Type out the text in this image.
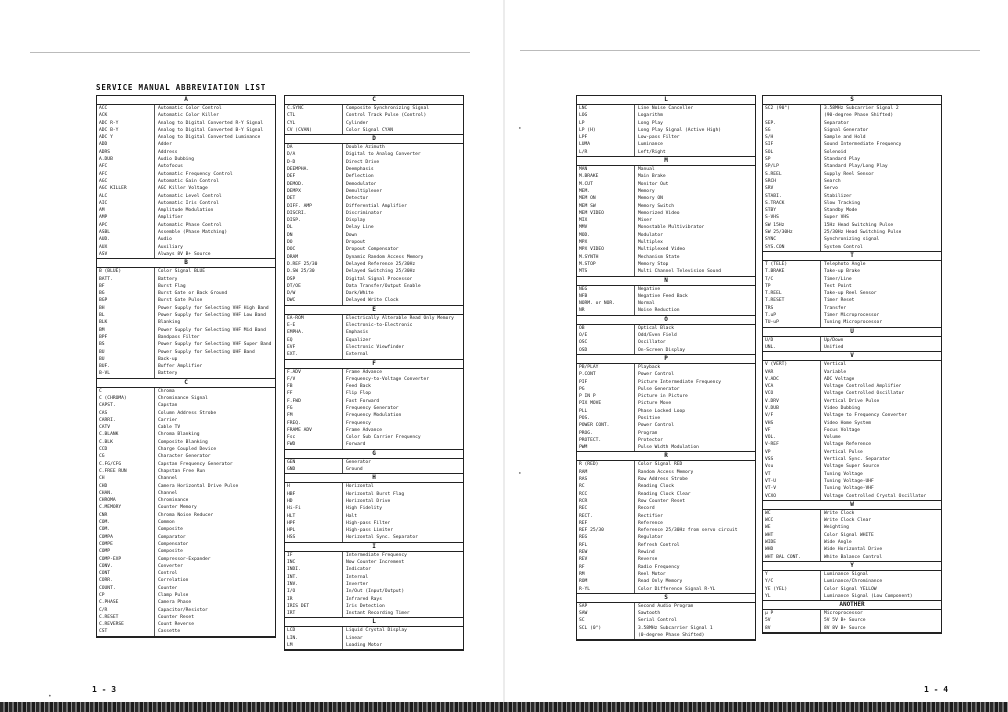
SERVICE MANUAL ABBREVIATION LIST
A
ACC	Automatic Color Control
ACK	Automatic Color Killer
ADC R-Y	Analog to Digital Converted R-Y Signal
ADC B-Y	Analog to Digital Converted B-Y Signal
ADC Y	Analog to Digital Converted Luminance
ADD	Adder
ADRS	Address
A.DUB	Audio Dubbing
AFC	Autofocus
AFC	Automatic Frequency Control
AGC	Automatic Gain Control
AGC KILLER	AGC Killer Voltage
ALC	Automatic Level Control
AIC	Automatic Iris Control
AM	Amplitude Modulation
AMP	Amplifier
APC	Automatic Phase Control
ASBL	Assemble (Phase Matching)
AUD.	Audio
AUX	Auxiliary
ASV	Always 8V B+ Source
B
B (BLUE)	Color Signal BLUE
BATT.	Battery
BF	Burst Flag
BG	Burst Gate or Back Ground
BGP	Burst Gate Pulse
BH	Power Supply for Selecting VHF High Band
BL	Power Supply for Selecting VHF Low Band
BLK	Blanking
BM	Power Supply for Selecting VHF Mid Band
BPF	Bandpass Filter
BS	Power Supply for Selecting VHF Super Band
BU	Power Supply for Selecting UHF Band
BU	Back-up
BUF.	Buffer Amplifier
B-VL	Battery
C
C	Chroma
C (CHROMA)	Chrominance Signal
CAPST.	Capstan
CAS	Column Address Strobe
CARRI.	Carrier
CATV	Cable TV
C.BLANK	Chroma Blanking
C.BLK	Composite Blanking
CCD	Charge Coupled Device
CG	Character Generator
C.FG/CFG	Capstan Frequency Generator
C.FREE RUN	Chapstan Free Run
CH	Channel
CHD	Camera Horizontal Drive Pulse
CHAN.	Channel
CHROMA	Chrominance
C.MEMORY	Counter Memory
CNR	Chroma Noise Reducer
COM.	Common
COM.	Composite
COMPA	Comparator
COMPE	Compensator
COMP	Composite
COMP-EXP	Compressor-Expander
CONV.	Converter
CONT	Control
CORR.	Correlation
COUNT.	Counter
CP	Clamp Pulse
C.PHASE	Camera Phase
C/R	Capacitor/Resistor
C.RESET	Counter Reset
C.REVERSE	Count Reverse
CST	Cassette
C
C.SYNC	Composite Synchronizing Signal
CTL	Control Track Pulse (Control)
CYL	Cylinder
CV (CVAN)	Color Signal CYAN
D
DA	Double Azimuth
D/A	Digital to Analog Converter
D-D	Direct Drive
DEEMPHA.	Deemphasis
DEF	Deflection
DEMOD.	Demodulator
DEMPX	Demultiplexer
DET	Detector
DIFF. AMP	Differential Amplifier
DISCRI.	Discriminator
DISP.	Display
DL	Delay Line
DN	Down
DO	Dropout
DOC	Dropout Compensator
DRAM	Dynamic Random Access Memory
D.REF 25/30	Delayed Reference 25/30Hz
D.SW 25/30	Delayed Switching 25/30Hz
DSP	Digital Signal Processor
DT/OE	Data Transfer/Output Enable
D/W	Dark/White
DWC	Delayed Write Clock
E
EA-ROM	Electrically Alterable Read Only Memory
E-E	Electronic-to-Electronic
EMPHA.	Emphasis
EQ	Equalizer
EVF	Electronic Viewfinder
EXT.	External
F
F.ADV	Frame Advance
F/V	Frequency-to-Voltage Converter
FB	Feed Back
FF	Flip Flop
F.FWD	Fast Forward
FG	Frequency Generator
FM	Frequency Modulation
FREQ.	Frequency
FRAME ADV	Frame Advance
Fsc	Color Sub Carrier Frequency
FWD	Forward
G
GEN	Generator
GND	Ground
H
H	Horizontal
HBF	Horizontal Burst Flag
HD	Horizontal Drive
Hi-Fi	High Fidelity
HLT	Halt
HPF	High-pass Filter
HPL	High-pass Limiter
HSS	Horizontal Sync. Separator
I
IF	Intermediate Frequency
INC	Now Counter Increment
INDI.	Indicator
INT.	Internal
INV.	Inverter
I/O	In/Out (Input/Output)
IR	Infrared Rays
IRIS DET	Iris Detection
IRT	Instant Recording Timer
L
LCD	Liquid Crystal Display
LIN.	Linear
LM	Loading Motor
1 - 3
•
L
LNC	Line Noise Canceller
LOG	Logarithm
LP	Long Play
LP (H)	Long Play Signal (Active High)
LPF	Low-pass Filter
LUMA	Luminance
L/R	Left/Right
M
MAN	Manual
M.BRAKE	Main Brake
M.CUT	Monitor Out
MEM.	Memory
MEM ON	Memory ON
MEM SW	Memory Switch
MEM VIDEO	Memorized Video
MIX	Mixer
MMV	Monostable Multivibrator
MOD.	Modulator
MPX	Multiplex
MPX VIDEO	Multiplexed Video
M.SYNTH	Mechanism State
M.STOP	Memory Stop
MTS	Multi Channel Television Sound
N
NEG	Negative
NFB	Negative Feed Back
NORM. or NOR.	Normal
NR	Noise Reduction
O
OB	Optical Black
O/E	Odd/Even Field
OSC	Oscillator
OSD	On-Screen Display
P
PB/PLAY	Playback
P.CONT	Power Control
PIF	Picture Intermediate Frequency
PG	Pulse Generator
P IN P	Picture in Picture
PIX MOVE	Picture Move
PLL	Phase Locked Loop
POS.	Positive
POWER CONT.	Power Control
PROG.	Program
PROTECT.	Protector
PWM	Pulse Width Modulation
R
R (RED)	Color Signal RED
RAM	Random Access Memory
RAS	Row Address Strobe
RC	Reading Clock
RCC	Reading Clock Clear
RCR	Row Counter Reset
REC	Record
RECT.	Rectifier
REF	Reference
REF 25/30	Reference 25/30Hz from servo circuit
REG	Regulator
RFL	Refresh Control
REW	Rewind
REV	Reverse
RF	Radio Frequency
RM	Reel Motor
ROM	Read Only Memory
R-YL	Color Difference Signal R-YL
S
SAP	Second Audio Program
SAW	Sawtooth
SC	Serial Control
SCL (0°)	3.58MHz Subcarrier Signal 1
(0-degree Phase Shifted)
S
SC2 (90°)	3.58MHz Subcarrier Signal 2
(90-degree Phase Shifted)
SEP.	Separator
SG	Signal Generator
S/H	Sample and Hold
SIF	Sound Intermediate Frequency
SOL	Solenoid
SP	Standard Play
SP/LP	Standard Play/Long Play
S.REEL	Supply Reel Sensor
SRCH	Search
SRV	Servo
STABI.	Stabilizer
S.TRACK	Slow Tracking
STBY	Standby Mode
S-VHS	Super VHS
SW 15Hz	15Hz Head Switching Pulse
SW 25/30Hz	25/30Hz Head Switching Pulse
SYNC	Synchronizing signal
SYS.CON	System Control
T
T (TELE)	Telephoto Angle
T.BRAKE	Take-up Brake
T/C	Timer/Line
TP	Test Point
T.REEL	Take-up Reel Sensor
T.RESET	Timer Reset
TRS	Transfer
T.uP	Timer Microprocessor
TU-uP	Tuning Microprocessor
U
U/D	Up/Down
UNL.	Unified
V
V (VERT)	Vertical
VAR	Variable
V.ADC	ADC Voltage
VCA	Voltage Controlled Amplifier
VCO	Voltage Controlled Oscillator
V.DRV	Vertical Drive Pulse
V.DUB	Video Dubbing
V/F	Voltage to Frequency Converter
VHS	Video Home System
VF	Focus Voltage
VOL.	Volume
V-REF	Voltage Reference
VP	Vertical Pulse
VSS	Vertical Sync. Separator
Vsu	Voltage Super Source
VT	Tuning Voltage
VT-U	Tuning Voltage-UHF
VT-V	Tuning Voltage-VHF
VCXO	Voltage Controlled Crystal Oscillator
W
WC	Write Clock
WCC	Write Clock Clear
WE	Weighting
WHT	Color Signal WHITE
WIDE	Wide Angle
WHD	Wide Horizontal Drive
WHT BAL CONT.	White Balance Control
Y
Y	Luminance Signal
Y/C	Luminance/Chrominance
YE (YEL)	Color Signal YELLOW
YL	Luminance Signal (Low Component)
ANOTHER
µ P	Microprocessor
5V	5V 5V B+ Source
8V	8V 8V B+ Source
1 - 4
∙
∙
